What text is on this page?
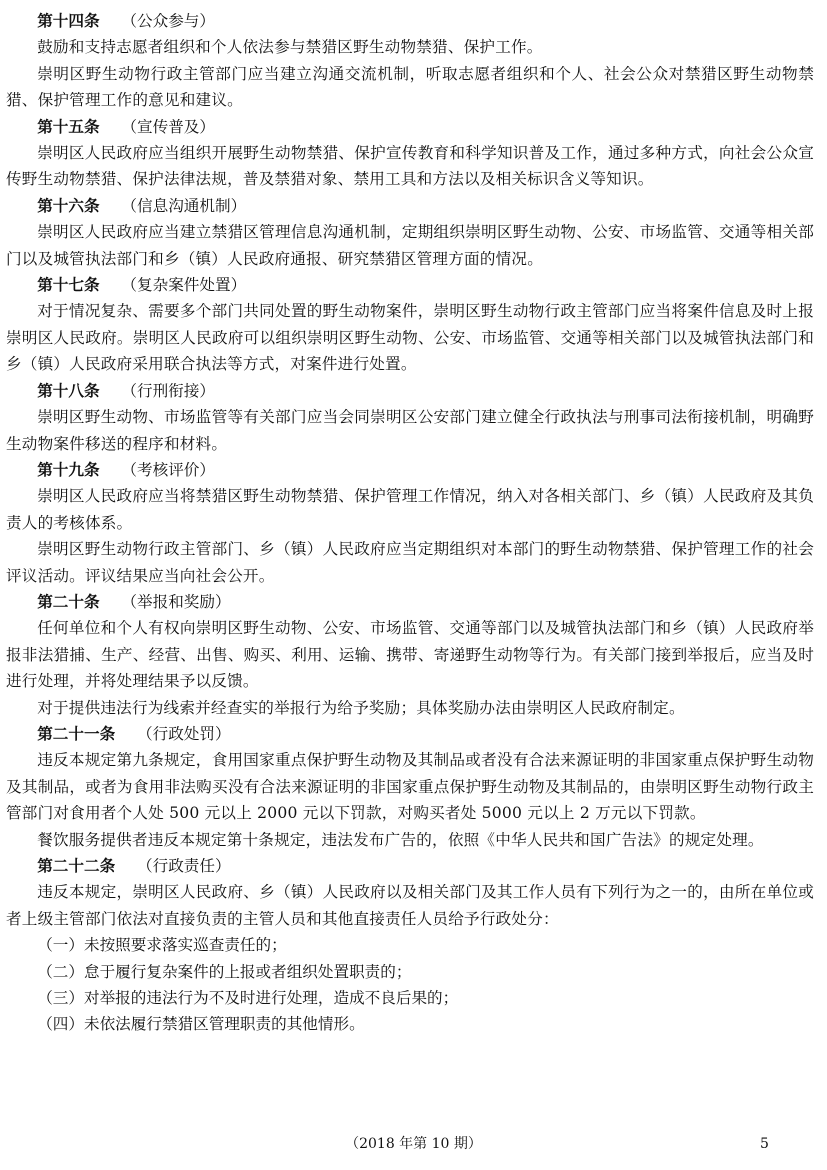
第十四条 （公众参与）

鼓励和支持志愿者组织和个人依法参与禁猎区野生动物禁猎、保护工作。

崇明区野生动物行政主管部门应当建立沟通交流机制，听取志愿者组织和个人、社会公众对禁猎区野生动物禁猎、保护管理工作的意见和建议。

第十五条 （宣传普及）

崇明区人民政府应当组织开展野生动物禁猎、保护宣传教育和科学知识普及工作，通过多种方式，向社会公众宣传野生动物禁猎、保护法律法规，普及禁猎对象、禁用工具和方法以及相关标识含义等知识。

第十六条 （信息沟通机制）

崇明区人民政府应当建立禁猎区管理信息沟通机制，定期组织崇明区野生动物、公安、市场监管、交通等相关部门以及城管执法部门和乡（镇）人民政府通报、研究禁猎区管理方面的情况。

第十七条 （复杂案件处置）

对于情况复杂、需要多个部门共同处置的野生动物案件，崇明区野生动物行政主管部门应当将案件信息及时上报崇明区人民政府。崇明区人民政府可以组织崇明区野生动物、公安、市场监管、交通等相关部门以及城管执法部门和乡（镇）人民政府采用联合执法等方式，对案件进行处置。

第十八条 （行刑衔接）

崇明区野生动物、市场监管等有关部门应当会同崇明区公安部门建立健全行政执法与刑事司法衔接机制，明确野生动物案件移送的程序和材料。

第十九条 （考核评价）

崇明区人民政府应当将禁猎区野生动物禁猎、保护管理工作情况，纳入对各相关部门、乡（镇）人民政府及其负责人的考核体系。

崇明区野生动物行政主管部门、乡（镇）人民政府应当定期组织对本部门的野生动物禁猎、保护管理工作的社会评议活动。评议结果应当向社会公开。

第二十条 （举报和奖励）

任何单位和个人有权向崇明区野生动物、公安、市场监管、交通等部门以及城管执法部门和乡（镇）人民政府举报非法猎捕、生产、经营、出售、购买、利用、运输、携带、寄递野生动物等行为。有关部门接到举报后，应当及时进行处理，并将处理结果予以反馈。

对于提供违法行为线索并经查实的举报行为给予奖励；具体奖励办法由崇明区人民政府制定。

第二十一条 （行政处罚）

违反本规定第九条规定，食用国家重点保护野生动物及其制品或者没有合法来源证明的非国家重点保护野生动物及其制品，或者为食用非法购买没有合法来源证明的非国家重点保护野生动物及其制品的，由崇明区野生动物行政主管部门对食用者个人处 500 元以上 2000 元以下罚款，对购买者处 5000 元以上 2 万元以下罚款。

餐饮服务提供者违反本规定第十条规定，违法发布广告的，依照《中华人民共和国广告法》的规定处理。

第二十二条 （行政责任）

违反本规定，崇明区人民政府、乡（镇）人民政府以及相关部门及其工作人员有下列行为之一的，由所在单位或者上级主管部门依法对直接负责的主管人员和其他直接责任人员给予行政处分：

（一）未按照要求落实巡查责任的；

（二）怠于履行复杂案件的上报或者组织处置职责的；

（三）对举报的违法行为不及时进行处理，造成不良后果的；

（四）未依法履行禁猎区管理职责的其他情形。

（2018 年第 10 期）	5
